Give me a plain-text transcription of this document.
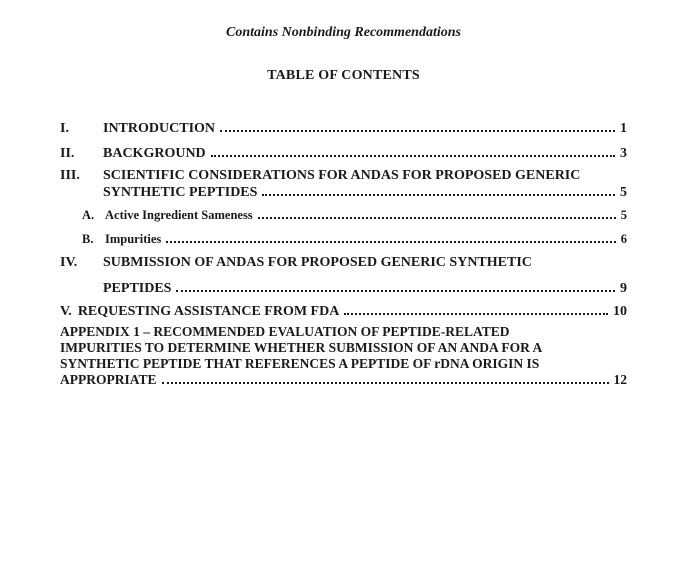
Contains Nonbinding Recommendations
TABLE OF CONTENTS
I.	INTRODUCTION	1
II.	BACKGROUND	3
III.	SCIENTIFIC CONSIDERATIONS FOR ANDAS FOR PROPOSED GENERIC
SYNTHETIC PEPTIDES	5
A. Active Ingredient Sameness	5
B. Impurities	6
IV.	SUBMISSION OF ANDAS FOR PROPOSED GENERIC SYNTHETIC
PEPTIDES	9
V. REQUESTING ASSISTANCE FROM FDA	10
APPENDIX 1 – RECOMMENDED EVALUATION OF PEPTIDE-RELATED
IMPURITIES TO DETERMINE WHETHER SUBMISSION OF AN ANDA FOR A
SYNTHETIC PEPTIDE THAT REFERENCES A PEPTIDE OF rDNA ORIGIN IS
APPROPRIATE	12
